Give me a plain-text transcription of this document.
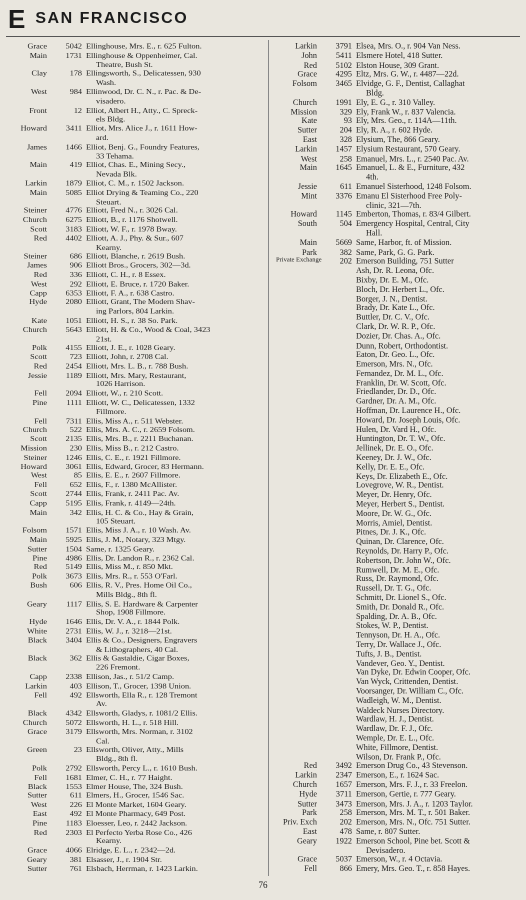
E SAN FRANCISCO
Grace	5042 Ellinghouse, Mrs. E., r. 625 Fulton.
Main	1731 Ellinghouse & Oppenheimer, Cal.
Theatre, Bush St.
Clay	178 Ellingsworth, S., Delicatessen, 930
Wash.
West	984 Ellinwood, Dr. C. N., r. Pac. & De-
visadero.
Front	12 Elliot, Albert H., Atty., C. Spreck-
els Bldg.
Howard	3411 Elliot, Mrs. Alice J., r. 1611 How-
ard.
James	1466 Elliot, Benj. G., Foundry Features,
33 Tehama.
Main	419 Elliot, Chas. E., Mining Secy.,
Nevada Blk.
Larkin	1879 Elliot, C. M., r. 1502 Jackson.
Main	5085 Elliot Drying & Teaming Co., 220
Steuart.
Steiner	4776 Elliott, Fred N., r. 3026 Cal.
Church	6275 Elliott, B., r. 1176 Shotwell.
Scott	3183 Elliott, W. F., r. 1978 Bway.
Red	4402 Elliott, A. J., Phy. & Sur., 607
Kearny.
Steiner	686 Elliott, Blanche, r. 2619 Bush.
James	906 Elliott Bros., Grocers, 302—3d.
Red	336 Elliott, C. H., r. 8 Essex.
West	292 Elliott, E. Bruce, r. 1720 Baker.
Capp	6353 Elliott, F. A., r. 638 Castro.
Hyde	2080 Elliott, Grant, The Modern Shav-
ing Parlors, 804 Larkin.
Kate	1051 Elliott, H. S., r. 38 So. Park.
Church	5643 Elliott, H. & Co., Wood & Coal, 3423
21st.
Polk	4155 Elliott, J. E., r. 1028 Geary.
Scott	723 Elliott, John, r. 2708 Cal.
Red	2454 Elliott, Mrs. L. B., r. 788 Bush.
Jessie	1189 Elliott, Mrs. Mary, Restaurant,
1026 Harrison.
Fell	2094 Elliott, W., r. 210 Scott.
Pine	1111 Elliott, W. C., Delicatessen, 1332
Fillmore.
Fell	7311 Ellis, Miss A., r. 511 Webster.
Church	522 Ellis, Mrs. A. C., r. 2659 Folsom.
Scott	2135 Ellis, Mrs. B., r. 2211 Buchanan.
Mission	230 Ellis, Miss B., r. 212 Castro.
Steiner	1246 Ellis, C. E., r. 1921 Fillmore.
Howard	3061 Ellis, Edward, Grocer, 83 Hermann.
West	85 Ellis, E. E., r. 2607 Fillmore.
Fell	652 Ellis, F., r. 1380 McAllister.
Scott	2744 Ellis, Frank, r. 2411 Pac. Av.
Capp	5195 Ellis, Frank, r. 4149—24th.
Main	342 Ellis, H. C. & Co., Hay & Grain,
105 Steuart.
Folsom	1571 Ellis, Miss J. A., r. 10 Wash. Av.
Main	5925 Ellis, J. M., Notary, 323 Mtgy.
Sutter	1504 Same, r. 1325 Geary.
Pine	4986 Ellis, Dr. Landon R., r. 2362 Cal.
Red	5149 Ellis, Miss M., r. 850 Mkt.
Polk	3673 Ellis, Mrs. R., r. 553 O'Farl.
Bush	606 Ellis, R. V., Pres. Home Oil Co.,
Mills Bldg., 8th fl.
Geary	1117 Ellis, S. E. Hardware & Carpenter
Shop, 1908 Fillmore.
Hyde	1646 Ellis, Dr. V. A., r. 1844 Polk.
White	2731 Ellis, W. J., r. 3218—21st.
Black	3404 Ellis & Co., Designers, Engravers
& Lithographers, 40 Cal.
Black	362 Ellis & Gastaldie, Cigar Boxes,
226 Fremont.
Capp	2338 Ellison, Jas., r. 51/2 Camp.
Larkin	403 Ellison, T., Grocer, 1398 Union.
Fell	492 Ellsworth, Ella R., r. 128 Tremont
Av.
Black	4342 Ellsworth, Gladys, r. 1081/2 Ellis.
Church	5072 Ellsworth, H. L., r. 518 Hill.
Grace	3179 Ellsworth, Mrs. Norman, r. 3102
Cal.
Green	23 Ellsworth, Oliver, Atty., Mills
Bldg., 8th fl.
Polk	2792 Ellsworth, Percy L., r. 1610 Bush.
Fell	1681 Elmer, C. H., r. 77 Haight.
Black	1553 Elmer House, The, 324 Bush.
Sutter	611 Elmers, H., Grocer, 1546 Sac.
West	226 El Monte Market, 1604 Geary.
East	492 El Monte Pharmacy, 649 Post.
Pine	1183 Eloesser, Leo, r. 2442 Jackson.
Red	2303 El Perfecto Yerba Rose Co., 426
Kearny.
Grace	4066 Elridge, E. L., r. 2342—2d.
Geary	381 Elsasser, J., r. 1904 Str.
Sutter	761 Elsbach, Herrman, r. 1423 Larkin.
Larkin	3791 Elsea, Mrs. O., r. 904 Van Ness.
John	5411 Elsmere Hotel, 418 Sutter.
Red	5102 Elston House, 309 Grant.
Grace	4295 Eltz, Mrs. G. W., r. 4487—22d.
Folsom	3465 Elvidge, G. F., Dentist, Callaghat
Bldg.
Church	1991 Ely, E. G., r. 310 Valley.
Mission	329 Ely, Frank W., r. 837 Valencia.
Kate	93 Ely, Mrs. Geo., r. 114A—11th.
Sutter	204 Ely, R. A., r. 602 Hyde.
East	328 Elysium, The, 866 Geary.
Larkin	1457 Elysium Restaurant, 570 Geary.
West	258 Emanuel, Mrs. L., r. 2540 Pac. Av.
Main	1645 Emanuel, L. & E., Furniture, 432
4th.
Jessie	611 Emanuel Sisterhood, 1248 Folsom.
Mint	3376 Emanu El Sisterhood Free Poly-
clinic, 321—7th.
Howard	1145 Emberton, Thomas, r. 83/4 Gilbert.
South	504 Emergency Hospital, Central, City
Hall.
Main	5669 Same, Harbor, ft. of Mission.
Park	382 Same, Park, G. G. Park.
Private Exchange	202 Emerson Building, 751 Sutter
Ash, Dr. R. Leona, Ofc.
Bixby, Dr. E. M., Ofc.
Bloch, Dr. Herbert L., Ofc.
Borger, J. N., Dentist.
Brady, Dr. Kate L., Ofc.
Buttler, Dr. C. V., Ofc.
Clark, Dr. W. R. P., Ofc.
Dozier, Dr. Chas. A., Ofc.
Dunn, Robert, Orthodontist.
Eaton, Dr. Geo. L., Ofc.
Emerson, Mrs. N., Ofc.
Fernandez, Dr. M. L., Ofc.
Franklin, Dr. W. Scott, Ofc.
Friedlander, Dr. D., Ofc.
Gardner, Dr. A. M., Ofc.
Hoffman, Dr. Laurence H., Ofc.
Howard, Dr. Joseph Louis, Ofc.
Hulen, Dr. Vard H., Ofc.
Huntington, Dr. T. W., Ofc.
Jellinek, Dr. E. O., Ofc.
Keeney, Dr. J. W., Ofc.
Kelly, Dr. E. E., Ofc.
Keys, Dr. Elizabeth E., Ofc.
Lovegrove, W. R., Dentist.
Meyer, Dr. Henry, Ofc.
Meyer, Herbert S., Dentist.
Moore, Dr. W. G., Ofc.
Morris, Amiel, Dentist.
Pitnes, Dr. J. K., Ofc.
Quinan, Dr. Clarence, Ofc.
Reynolds, Dr. Harry P., Ofc.
Robertson, Dr. John W., Ofc.
Rumwell, Dr. M. E., Ofc.
Russ, Dr. Raymond, Ofc.
Russell, Dr. T. G., Ofc.
Schmitt, Dr. Lionel S., Ofc.
Smith, Dr. Donald R., Ofc.
Spalding, Dr. A. B., Ofc.
Stokes, W. P., Dentist.
Tennyson, Dr. H. A., Ofc.
Terry, Dr. Wallace J., Ofc.
Tufts, J. B., Dentist.
Vandever, Geo. Y., Dentist.
Van Dyke, Dr. Edwin Cooper, Ofc.
Van Wyck, Crittenden, Dentist.
Voorsanger, Dr. William C., Ofc.
Wadleigh, W. M., Dentist.
Waldeck Nurses Directory.
Wardlaw, H. J., Dentist.
Wardlaw, Dr. F. J., Ofc.
Wemple, Dr. E. L., Ofc.
White, Fillmore, Dentist.
Wilson, Dr. Frank P., Ofc.
Red	3492 Emerson Drug Co., 43 Stevenson.
Larkin	2347 Emerson, E., r. 1624 Sac.
Church	1657 Emerson, Mrs. F. J., r. 33 Freelon.
Hyde	3711 Emerson, Gertie, r. 777 Geary.
Sutter	3473 Emerson, Mrs. J. A., r. 1203 Taylor.
Park	258 Emerson, Mrs. M. T., r. 501 Baker.
Priv. Exch	202 Emerson, Mrs. N., Ofc. 751 Sutter.
East	478 Same, r. 807 Sutter.
Geary	1922 Emerson School, Pine bet. Scott &
Devisadero.
Grace	5037 Emerson, W., r. 4 Octavia.
Fell	866 Emery, Mrs. Geo. T., r. 858 Hayes.
76
